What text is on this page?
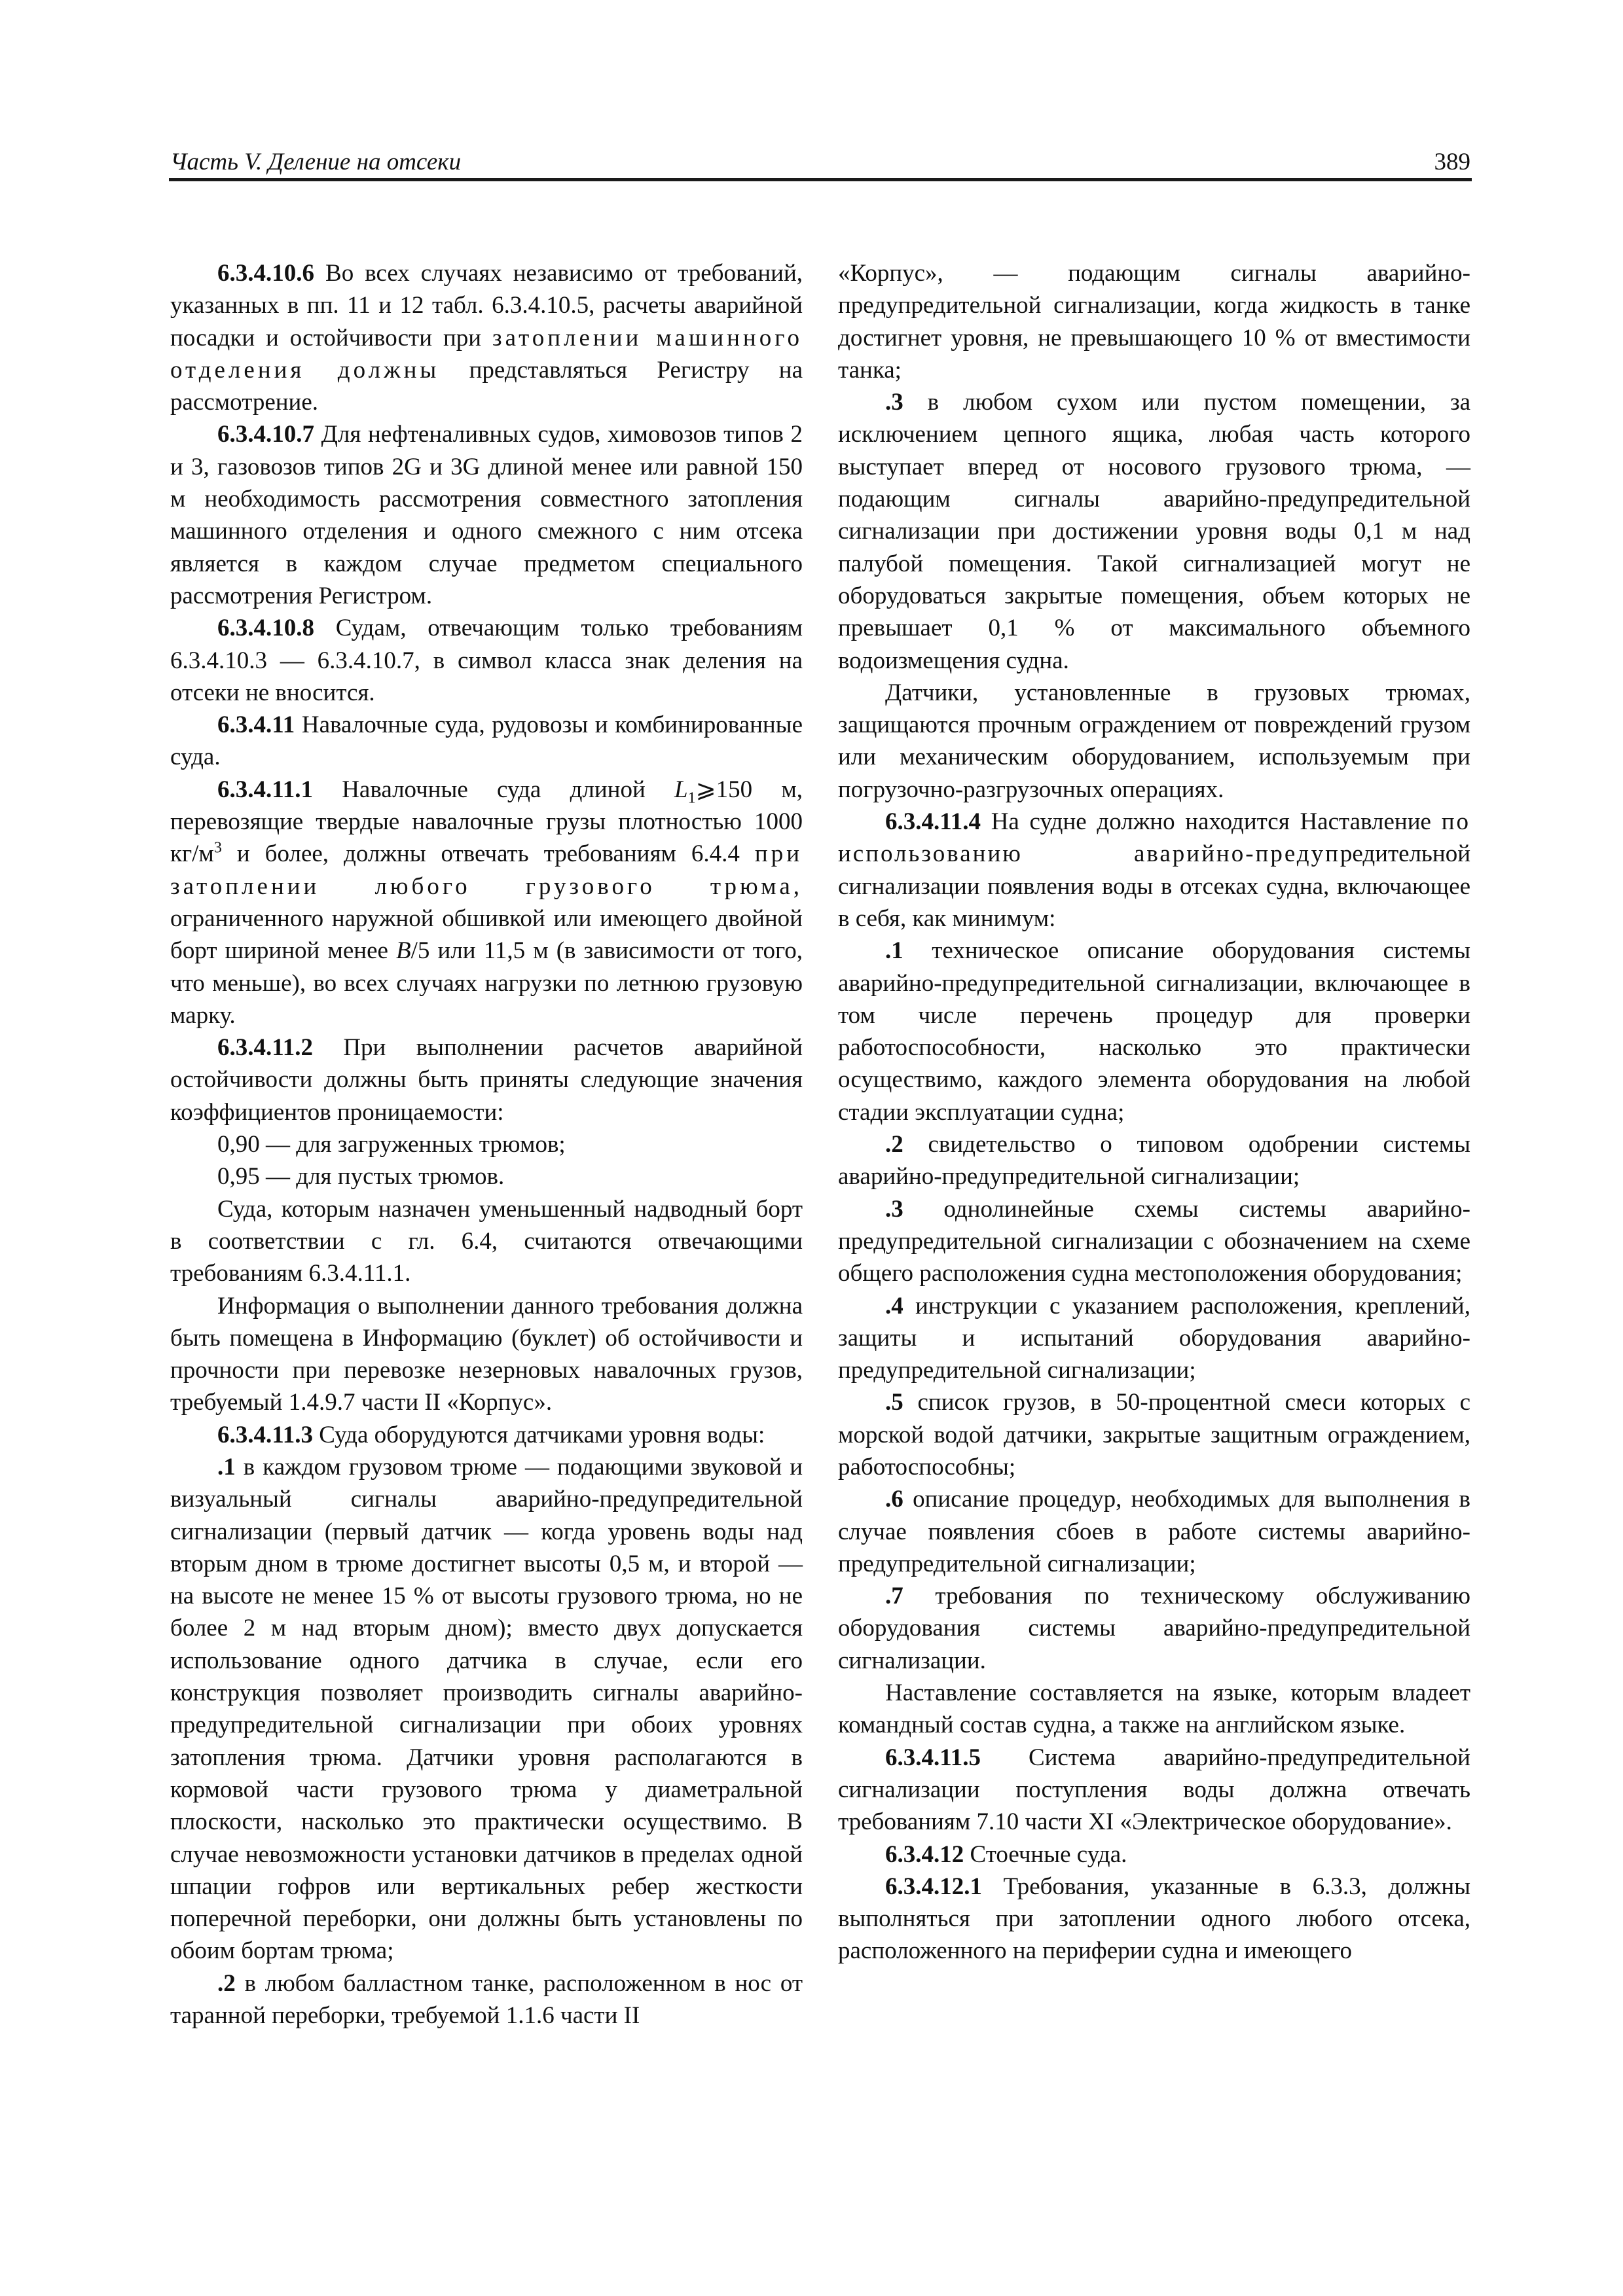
Часть V. Деление на отсеки	389

6.3.4.10.6 Во всех случаях независимо от требований, указанных в пп. 11 и 12 табл. 6.3.4.10.5, расчеты аварийной посадки и остойчивости при затоплении машинного отделения должны представляться Регистру на рассмотрение.

6.3.4.10.7 Для нефтеналивных судов, химовозов типов 2 и 3, газовозов типов 2G и 3G длиной менее или равной 150 м необходимость рассмотрения совместного затопления машинного отделения и одного смежного с ним отсека является в каждом случае предметом специального рассмотрения Регистром.

6.3.4.10.8 Судам, отвечающим только требованиям 6.3.4.10.3 — 6.3.4.10.7, в символ класса знак деления на отсеки не вносится.

6.3.4.11 Навалочные суда, рудовозы и комбинированные суда.

6.3.4.11.1 Навалочные суда длиной $L_1⩾150$ м, перевозящие твердые навалочные грузы плотностью 1000 $кг/м^3$ и более, должны отвечать требованиям 6.4.4 при затоплении любого грузового трюма, ограниченного наружной обшивкой или имеющего двойной борт шириной менее B/5 или 11,5 м (в зависимости от того, что меньше), во всех случаях нагрузки по летнюю грузовую марку.

6.3.4.11.2 При выполнении расчетов аварийной остойчивости должны быть приняты следующие значения коэффициентов проницаемости:

0,90 — для загруженных трюмов;

0,95 — для пустых трюмов.

Суда, которым назначен уменьшенный надводный борт в соответствии с гл. 6.4, считаются отвечающими требованиям 6.3.4.11.1.

Информация о выполнении данного требования должна быть помещена в Информацию (буклет) об остойчивости и прочности при перевозке незерновых навалочных грузов, требуемый 1.4.9.7 части II «Корпус».

6.3.4.11.3 Суда оборудуются датчиками уровня воды:

.1 в каждом грузовом трюме — подающими звуковой и визуальный сигналы аварийно-предупредительной сигнализации (первый датчик — когда уровень воды над вторым дном в трюме достигнет высоты 0,5 м, и второй — на высоте не менее 15 % от высоты грузового трюма, но не более 2 м над вторым дном); вместо двух допускается использование одного датчика в случае, если его конструкция позволяет производить сигналы аварийно-предупредительной сигнализации при обоих уровнях затопления трюма. Датчики уровня располагаются в кормовой части грузового трюма у диаметральной плоскости, насколько это практически осуществимо. В случае невозможности установки датчиков в пределах одной шпации гофров или вертикальных ребер жесткости поперечной переборки, они должны быть установлены по обоим бортам трюма;

.2 в любом балластном танке, расположенном в нос от таранной переборки, требуемой 1.1.6 части II

«Корпус», — подающим сигналы аварийно-предупредительной сигнализации, когда жидкость в танке достигнет уровня, не превышающего 10 % от вместимости танка;

.3 в любом сухом или пустом помещении, за исключением цепного ящика, любая часть которого выступает вперед от носового грузового трюма, — подающим сигналы аварийно-предупредительной сигнализации при достижении уровня воды 0,1 м над палубой помещения. Такой сигнализацией могут не оборудоваться закрытые помещения, объем которых не превышает 0,1 % от максимального объемного водоизмещения судна.

Датчики, установленные в грузовых трюмах, защищаются прочным ограждением от повреждений грузом или механическим оборудованием, используемым при погрузочно-разгрузочных операциях.

6.3.4.11.4 На судне должно находится Наставление по использованию аварийно-предупредительной сигнализации появления воды в отсеках судна, включающее в себя, как минимум:

.1 техническое описание оборудования системы аварийно-предупредительной сигнализации, включающее в том числе перечень процедур для проверки работоспособности, насколько это практически осуществимо, каждого элемента оборудования на любой стадии эксплуатации судна;

.2 свидетельство о типовом одобрении системы аварийно-предупредительной сигнализации;

.3 однолинейные схемы системы аварийно-предупредительной сигнализации с обозначением на схеме общего расположения судна местоположения оборудования;

.4 инструкции с указанием расположения, креплений, защиты и испытаний оборудования аварийно-предупредительной сигнализации;

.5 список грузов, в 50-процентной смеси которых с морской водой датчики, закрытые защитным ограждением, работоспособны;

.6 описание процедур, необходимых для выполнения в случае появления сбоев в работе системы аварийно-предупредительной сигнализации;

.7 требования по техническому обслуживанию оборудования системы аварийно-предупредительной сигнализации.

Наставление составляется на языке, которым владеет командный состав судна, а также на английском языке.

6.3.4.11.5 Система аварийно-предупредительной сигнализации поступления воды должна отвечать требованиям 7.10 части XI «Электрическое оборудование».

6.3.4.12 Стоечные суда.

6.3.4.12.1 Требования, указанные в 6.3.3, должны выполняться при затоплении одного любого отсека, расположенного на периферии судна и имеющего
